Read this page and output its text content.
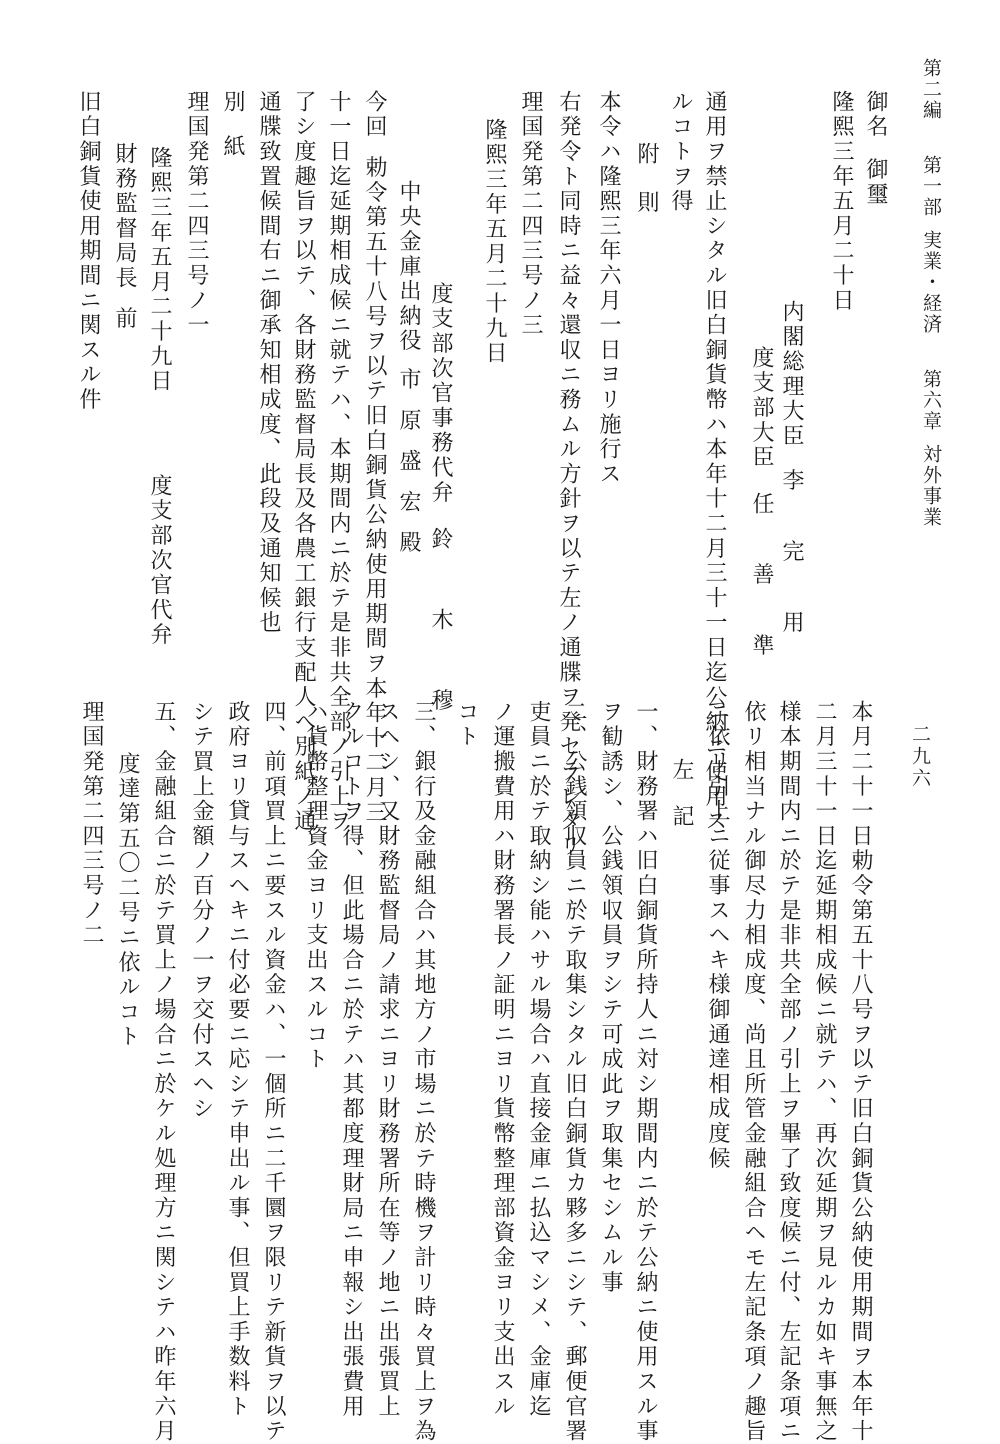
第二編第一部実業・経済第六章対外事業
二九六
御名御璽
隆熙三年五月二十日
内閣総理大臣李完用
度支部大臣任善準
通用ヲ禁止シタル旧白銅貨幣ハ本年十二月三十一日迄公納ニ使用ス
ルコトヲ得
附則
本令ハ隆熙三年六月一日ヨリ施行ス
右発令ト同時ニ益々還収ニ務ムル方針ヲ以テ左ノ通牒ヲ発セラレタリ
理国発第二四三号ノ三
隆熙三年五月二十九日
度支部次官事務代弁鈴木穆
中央金庫出納役市原盛宏殿
今回勅令第五十八号ヲ以テ旧白銅貨公納使用期間ヲ本年十二月三
十一日迄延期相成候ニ就テハ、本期間内ニ於テ是非共全部ノ引上ヲ
了シ度趣旨ヲ以テ、各財務監督局長及各農工銀行支配人へ別紙ノ通
通牒致置候間右ニ御承知相成度、此段及通知候也
別紙
理国発第二四三号ノ一
隆熙三年五月二十九日度支部次官代弁
財務監督局長前
旧白銅貨使用期間ニ関スル件
本月二十一日勅令第五十八号ヲ以テ旧白銅貨公納使用期間ヲ本年十
二月三十一日迄延期相成候ニ就テハ、再次延期ヲ見ルカ如キ事無之
様本期間内ニ於テ是非共全部ノ引上ヲ畢了致度候ニ付、左記条項ニ
依リ相当ナル御尽力相成度、尚且所管金融組合ヘモ左記条項ノ趣旨
ニ依リ引上ニ従事スヘキ様御通達相成度候
左記
一、財務署ハ旧白銅貨所持人ニ対シ期間内ニ於テ公納ニ使用スル事
ヲ勧誘シ、公銭領収員ヲシテ可成此ヲ取集セシムル事
二、公銭領収員ニ於テ取集シタル旧白銅貨カ夥多ニシテ、郵便官署
吏員ニ於テ取納シ能ハサル場合ハ直接金庫ニ払込マシメ、金庫迄
ノ運搬費用ハ財務署長ノ証明ニヨリ貨幣整理部資金ヨリ支出スル
コト
三、銀行及金融組合ハ其地方ノ市場ニ於テ時機ヲ計リ時々買上ヲ為
スヘシ、又財務監督局ノ請求ニヨリ財務署所在等ノ地ニ出張買上
クルコトヲ得、但此場合ニ於テハ其都度理財局ニ申報シ出張費用
ハ貨幣整理資金ヨリ支出スルコト
四、前項買上ニ要スル資金ハ、一個所ニ二千圜ヲ限リテ新貨ヲ以テ
政府ヨリ貸与スヘキニ付必要ニ応シテ申出ル事、但買上手数料ト
シテ買上金額ノ百分ノ一ヲ交付スヘシ
五、金融組合ニ於テ買上ノ場合ニ於ケル処理方ニ関シテハ昨年六月
度達第五〇二号ニ依ルコト
理国発第二四三号ノ二
